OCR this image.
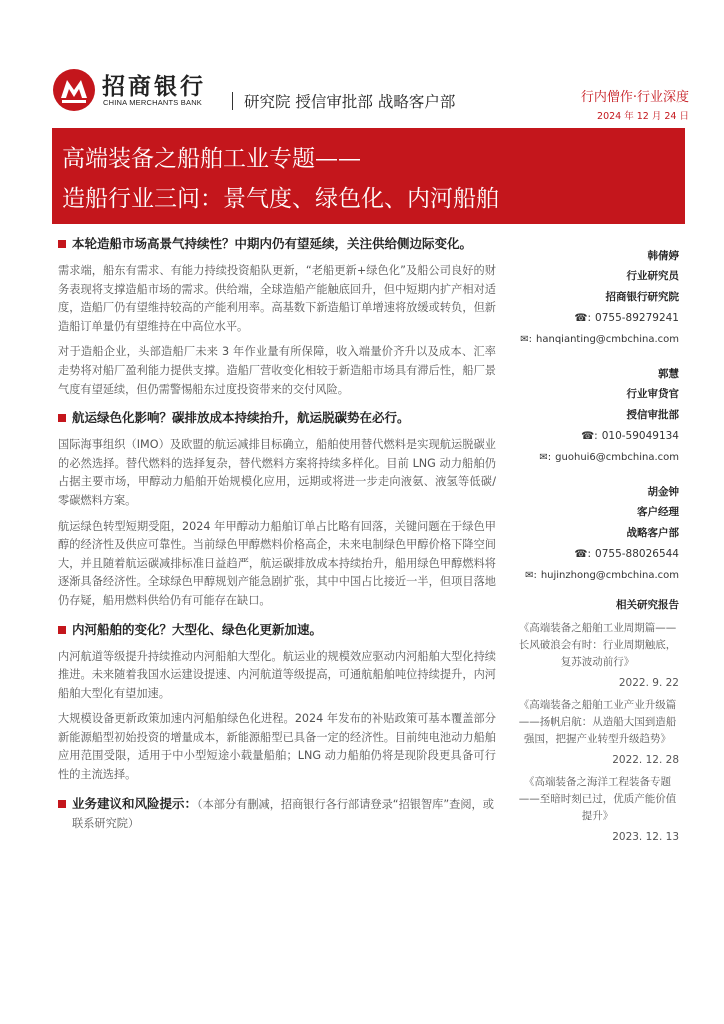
招商银行
CHINA MERCHANTS BANK	研究院 授信审批部 战略客户部	行内僧作·行业深度
2024 年 12 月 24 日
高端装备之船舶工业专题——
造船行业三问：景气度、绿色化、内河船舶
本轮造船市场高景气持续性？中期内仍有望延续，关注供给侧边际变化。

需求端，船东有需求、有能力持续投资船队更新，“老船更新+绿色化”及船公司良好的财务表现将支撑造船市场的需求。供给端，全球造船产能触底回升，但中短期内扩产相对适度，造船厂仍有望维持较高的产能利用率。高基数下新造船订单增速将放缓或转负，但新造船订单量仍有望维持在中高位水平。

对于造船企业，头部造船厂未来 3 年作业量有所保障，收入端量价齐升以及成本、汇率走势将对船厂盈利能力提供支撑。造船厂营收变化相较于新造船市场具有滞后性，船厂景气度有望延续，但仍需警惕船东过度投资带来的交付风险。

航运绿色化影响？碳排放成本持续抬升，航运脱碳势在必行。

国际海事组织（IMO）及欧盟的航运减排目标确立，船舶使用替代燃料是实现航运脱碳业的必然选择。替代燃料的选择复杂，替代燃料方案将持续多样化。目前 LNG 动力船舶仍占据主要市场，甲醇动力船舶开始规模化应用，远期或将进一步走向液氨、液氢等低碳/零碳燃料方案。

航运绿色转型短期受阻，2024 年甲醇动力船舶订单占比略有回落，关键问题在于绿色甲醇的经济性及供应可靠性。当前绿色甲醇燃料价格高企，未来电制绿色甲醇价格下降空间大，并且随着航运碳减排标准日益趋严，航运碳排放成本持续抬升，船用绿色甲醇燃料将逐渐具备经济性。全球绿色甲醇规划产能急剧扩张，其中中国占比接近一半，但项目落地仍存疑，船用燃料供给仍有可能存在缺口。

内河船舶的变化？大型化、绿色化更新加速。

内河航道等级提升持续推动内河船舶大型化。航运业的规模效应驱动内河船舶大型化持续推进。未来随着我国水运建设提速、内河航道等级提高，可通航船舶吨位持续提升，内河船舶大型化有望加速。

大规模设备更新政策加速内河船舶绿色化进程。2024 年发布的补贴政策可基本覆盖部分新能源船型初始投资的增量成本，新能源船型已具备一定的经济性。目前纯电池动力船舶应用范围受限，适用于中小型短途小载量船舶；LNG 动力船舶仍将是现阶段更具备可行性的主流选择。

业务建议和风险提示：（本部分有删减，招商银行各行部请登录“招银智库”查阅，或联系研究院）
韩倩婷
行业研究员
招商银行研究院
☎: 0755-89279241
✉: hanqianting@cmbchina.com
郭慧
行业审贷官
授信审批部
☎: 010-59049134
✉: guohui6@cmbchina.com
胡金钟
客户经理
战略客户部
☎: 0755-88026544
✉: hujinzhong@cmbchina.com
相关研究报告
《高端装备之船舶工业周期篇——长风破浪会有时：行业周期触底，复苏波动前行》
2022. 9. 22
《高端装备之船舶工业产业升级篇——扬帆启航：从造船大国到造船强国，把握产业转型升级趋势》
2022. 12. 28
《高端装备之海洋工程装备专题——至暗时刻已过，优质产能价值提升》
2023. 12. 13
